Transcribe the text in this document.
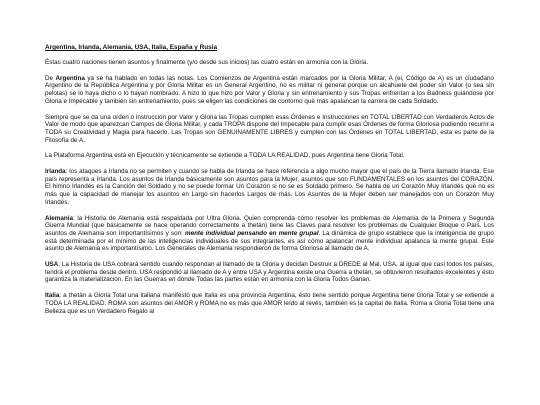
Argentina, Irlanda, Alemania, USA, Italia, España y Rusia

Éstas cuatro naciones tienen asuntos y finalmente (y/o desde sus inicios) las cuatro están en armonía con la Gloria.

De Argentina ya se ha hablado en todas las notas. Los Comienzos de Argentina están marcados por la Gloria Militar, A (ei, Código de A) es un ciudadano Argentino de la República Argentina y por Gloria Militar es un General Argentino, no es militar ni general porque un alcahuete del poder sin Valor (o sea sin pelotas) se lo haya dicho o lo hayan nombrado. A hizo lo que hizo por Valor y Gloria y sin entrenamiento y sus Tropas enfrentan a los Badness guiándose por Gloria e Impecable y también sin entrenamiento, pues se eligen las condiciones de contorno qué más apalancan la carrera de cada Soldado.

Siempre que se da una orden o instrucción por Valor y Gloria las Tropas cumplen esas Órdenes e Instrucciones en TOTAL LIBERTAD con Verdaderos Actos de Valor de modo que aparezcan Campos de Gloria Militar, y cada TROPA dispone del Impecable para cumplir esas Órdenes de forma Gloriosa pudiendo recurrir a TODA su Creatividad y Magia para hacerlo. Las Tropas son GENUINAMENTE LIBRES y cumplen con las Órdenes en TOTAL LIBERTAD, esta es parte de la Filosofía de A.

La Plataforma Argentina está en Ejecución y técnicamente se extiende a TODA LA REALIDAD, pues Argentina tiene Gloria Total.

Irlanda: los ataques a Irlanda no se permiten y cuando se habla de Irlanda se hace referencia a algo mucho mayor que el país de la Tierra llamado Irlanda. Ese país representa a Irlanda. Los asuntos de Irlanda básicamente son asuntos para la Mujer, asuntos que son FUNDAMENTALES en los asuntos del CORAZÓN. El himno Irlandés es la Canción del Soldado y no se puede formar Un Corazón si no se es Soldado primero. Se habla de un Corazón Muy Irlandés qué no es más que la capacidad de manejar los asuntos en Largo sin hacerlos Largos de más. Los Asuntos de la Mujer deben ser manejados con un Corazón Muy Irlandés.

Alemania: la Historia de Alemania está respaldada por Ultra Gloria. Quien comprenda cómo resolver los problemas de Alemania de la Primera y Segunda Guerra Mundial (que básicamente se hace operando correctamente a thetán) tiene las Claves para resolver los problemas de Cualquier Bloque o País. Los asuntos de Alemania son Importantísimos y son: mente individual pensando en mente grupal. La dinámica de grupo establece que la inteligencia de grupo está determinada por el mínimo de las inteligencias individuales de sus integrantes, es así cómo apalancar mente individual apalanca la mente grupal. Este asunto de Alemania es importantísimo. Los Generales de Alemania respondieron de forma Gloriosa al llamado de A.

USA: La Historia de USA cobrará sentido cuando respondan al llamado de la Gloria y decidan Destruir a DREDE al Mal. USA, al igual que casi todos los países, tendrá el problema desde dentro. USA respondió al llamado de A y entre USA y Argentina existe una Guerra a thetán, se obtuvieron resultados excelentes y ésto garantiza la materialización. En las Guerras en donde Todas las partes están en armonía con la Gloria Todos Ganan.

Italia: a thetán a Gloria Total una italiana manifestó que Italia es una provincia Argentina, ésto tiene sentido porque Argentina tiene Gloria Total y se extiende a TODA LA REALIDAD. ROMA son asuntos del AMOR y ROMA no es más que AMOR leído al revés, también es la capital de Italia. Roma a Gloria Total tiene una Belleza que es un Verdadero Regalo al
